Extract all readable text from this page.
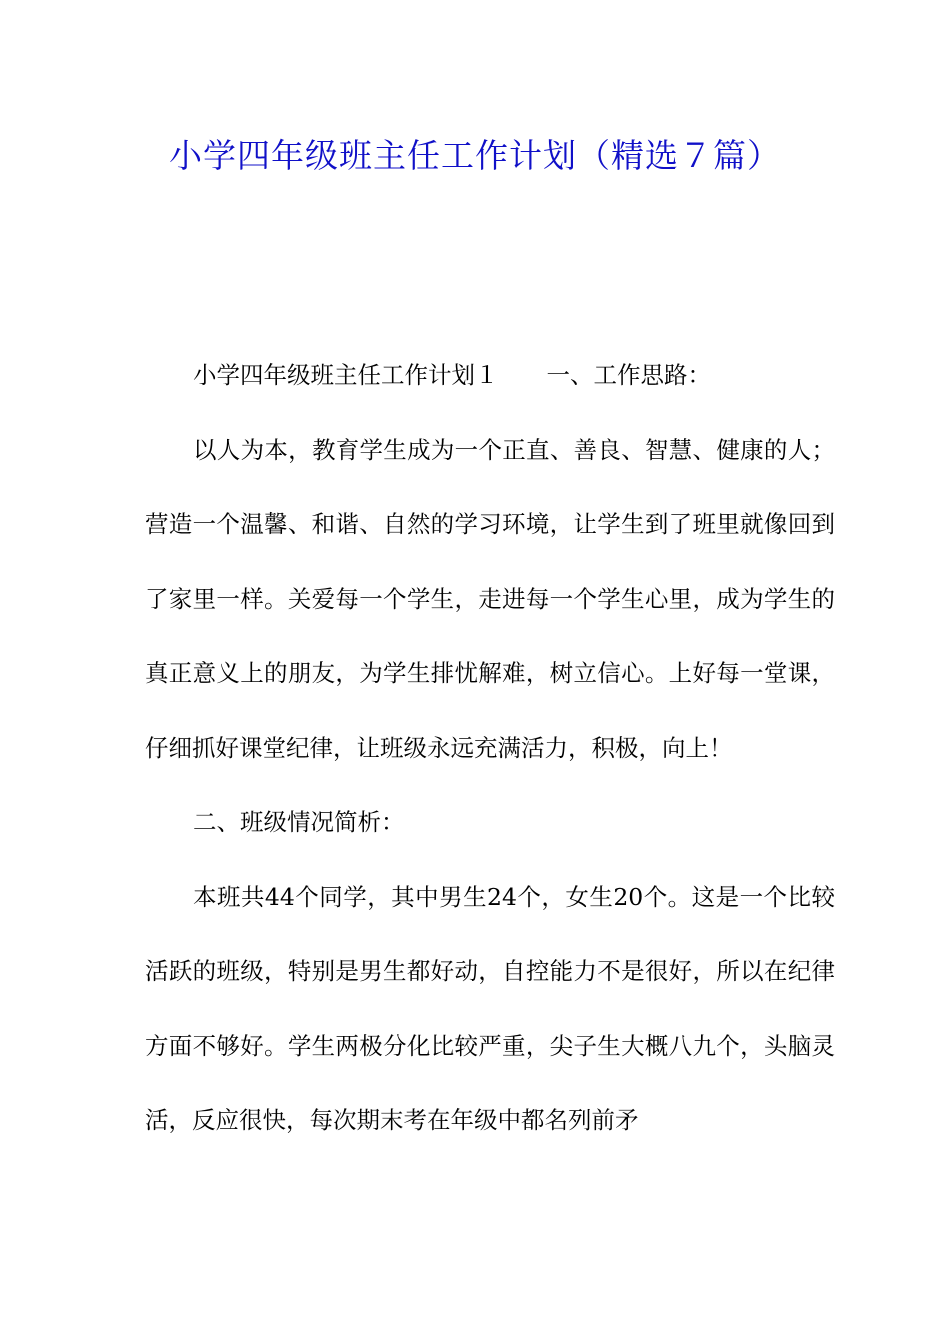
小学四年级班主任工作计划（精选７篇）

小学四年级班主任工作计划１ 一、工作思路：

以人为本，教育学生成为一个正直、善良、智慧、健康的人；营造一个温馨、和谐、自然的学习环境，让学生到了班里就像回到了家里一样。关爱每一个学生，走进每一个学生心里，成为学生的真正意义上的朋友，为学生排忧解难，树立信心。上好每一堂课，仔细抓好课堂纪律，让班级永远充满活力，积极，向上！

二、班级情况简析：

本班共44个同学，其中男生24个，女生20个。这是一个比较活跃的班级，特别是男生都好动，自控能力不是很好，所以在纪律方面不够好。学生两极分化比较严重，尖子生大概八九个，头脑灵活，反应很快，每次期末考在年级中都名列前矛
